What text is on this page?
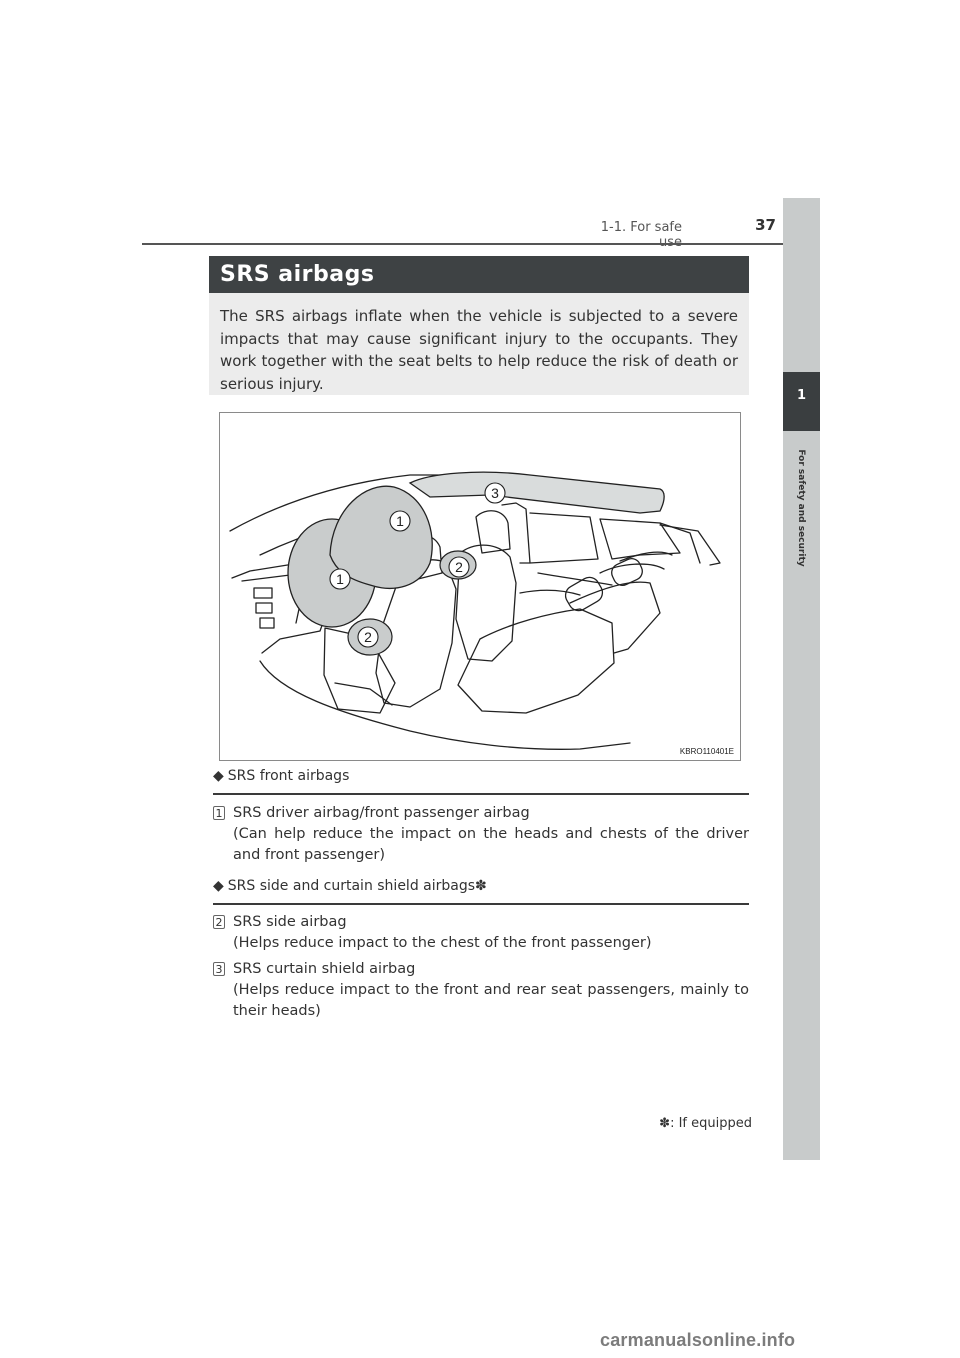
1-1. For safe	37
1
For safety and security
SRS airbags
The SRS airbags inflate when the vehicle is subjected to a severe impacts that may cause significant injury to the occupants. They work together with the seat belts to help reduce the risk of death or serious injury.
1
1
2
2
3
KBRO110401E
◆ SRS front airbags
1 SRS driver airbag/front passenger airbag
(Can help reduce the impact on the heads and chests of the driver and front passenger)
◆ SRS side and curtain shield airbags✽
2 SRS side airbag
(Helps reduce impact to the chest of the front passenger)
3 SRS curtain shield airbag
(Helps reduce impact to the front and rear seat passengers, mainly to their heads)
✽: If equipped
carmanualsonline.info
